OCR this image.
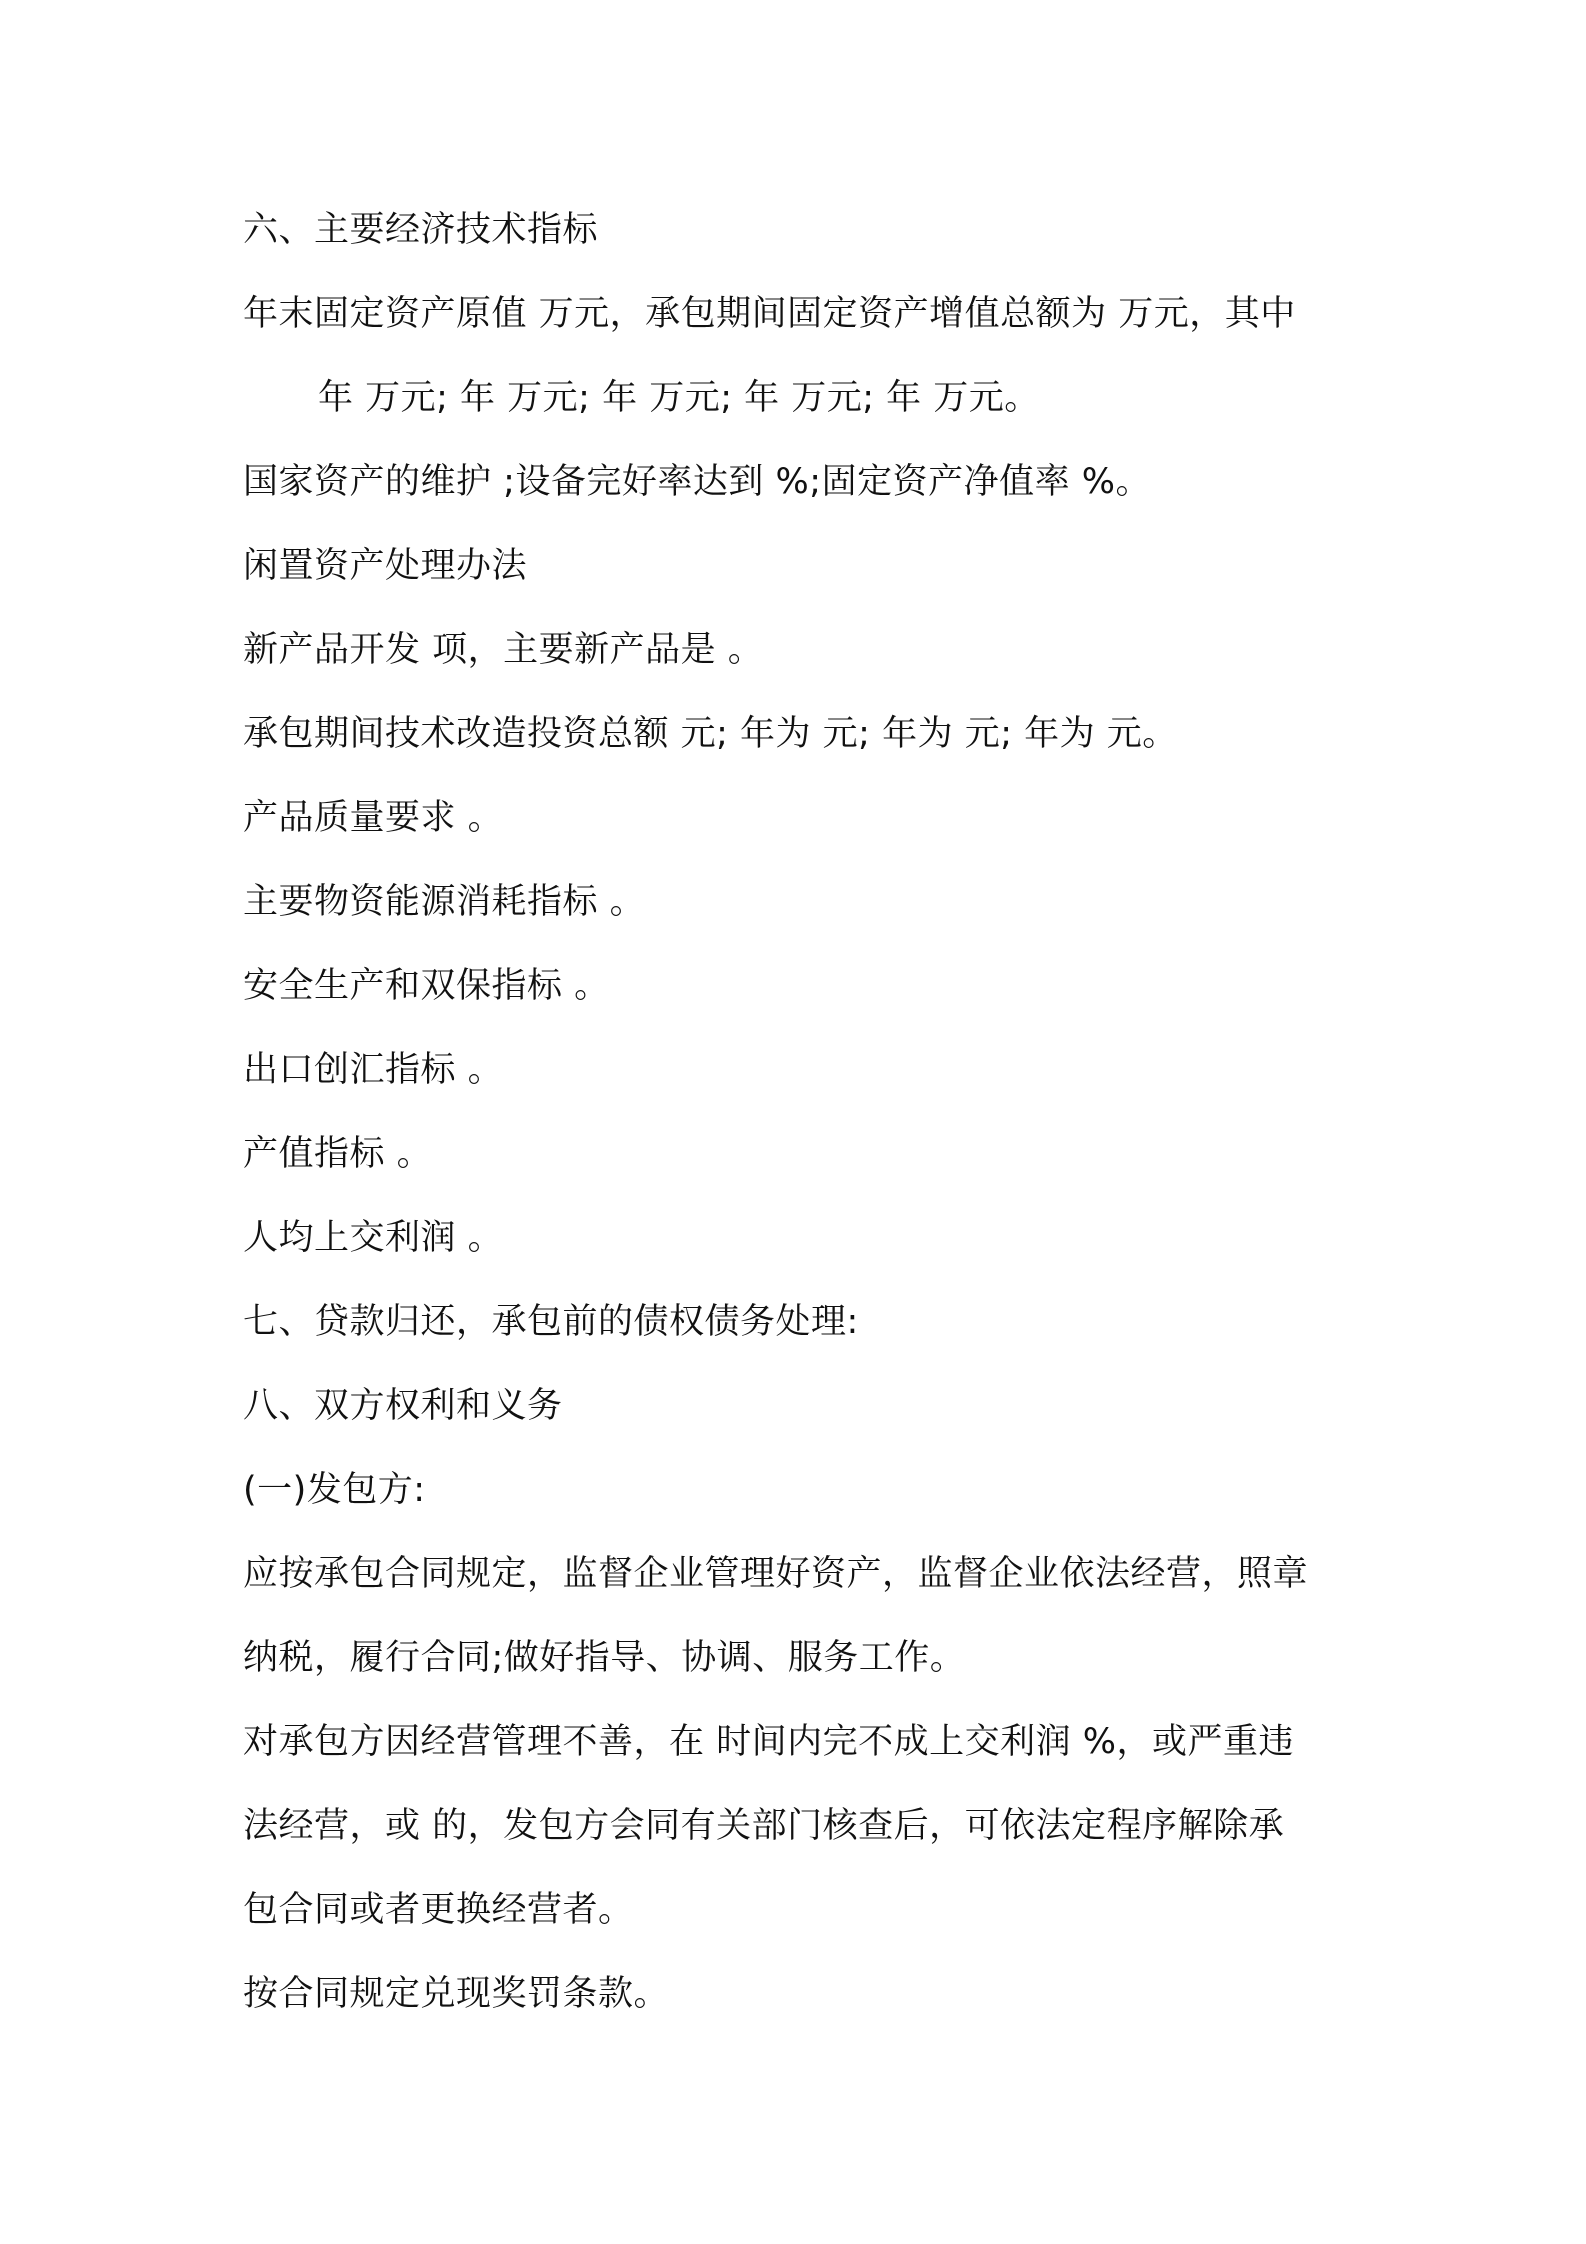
六、主要经济技术指标
年末固定资产原值 万元，承包期间固定资产增值总额为 万元，其中
年 万元; 年 万元; 年 万元; 年 万元; 年 万元。
国家资产的维护 ;设备完好率达到 %;固定资产净值率 %。
闲置资产处理办法
新产品开发 项，主要新产品是 。
承包期间技术改造投资总额 元; 年为 元; 年为 元; 年为 元。
产品质量要求 。
主要物资能源消耗指标 。
安全生产和双保指标 。
出口创汇指标 。
产值指标 。
人均上交利润 。
七、贷款归还，承包前的债权债务处理:
八、双方权利和义务
(一)发包方:
应按承包合同规定，监督企业管理好资产，监督企业依法经营，照章
纳税，履行合同;做好指导、协调、服务工作。
对承包方因经营管理不善，在 时间内完不成上交利润 %，或严重违
法经营，或 的，发包方会同有关部门核查后，可依法定程序解除承
包合同或者更换经营者。
按合同规定兑现奖罚条款。
